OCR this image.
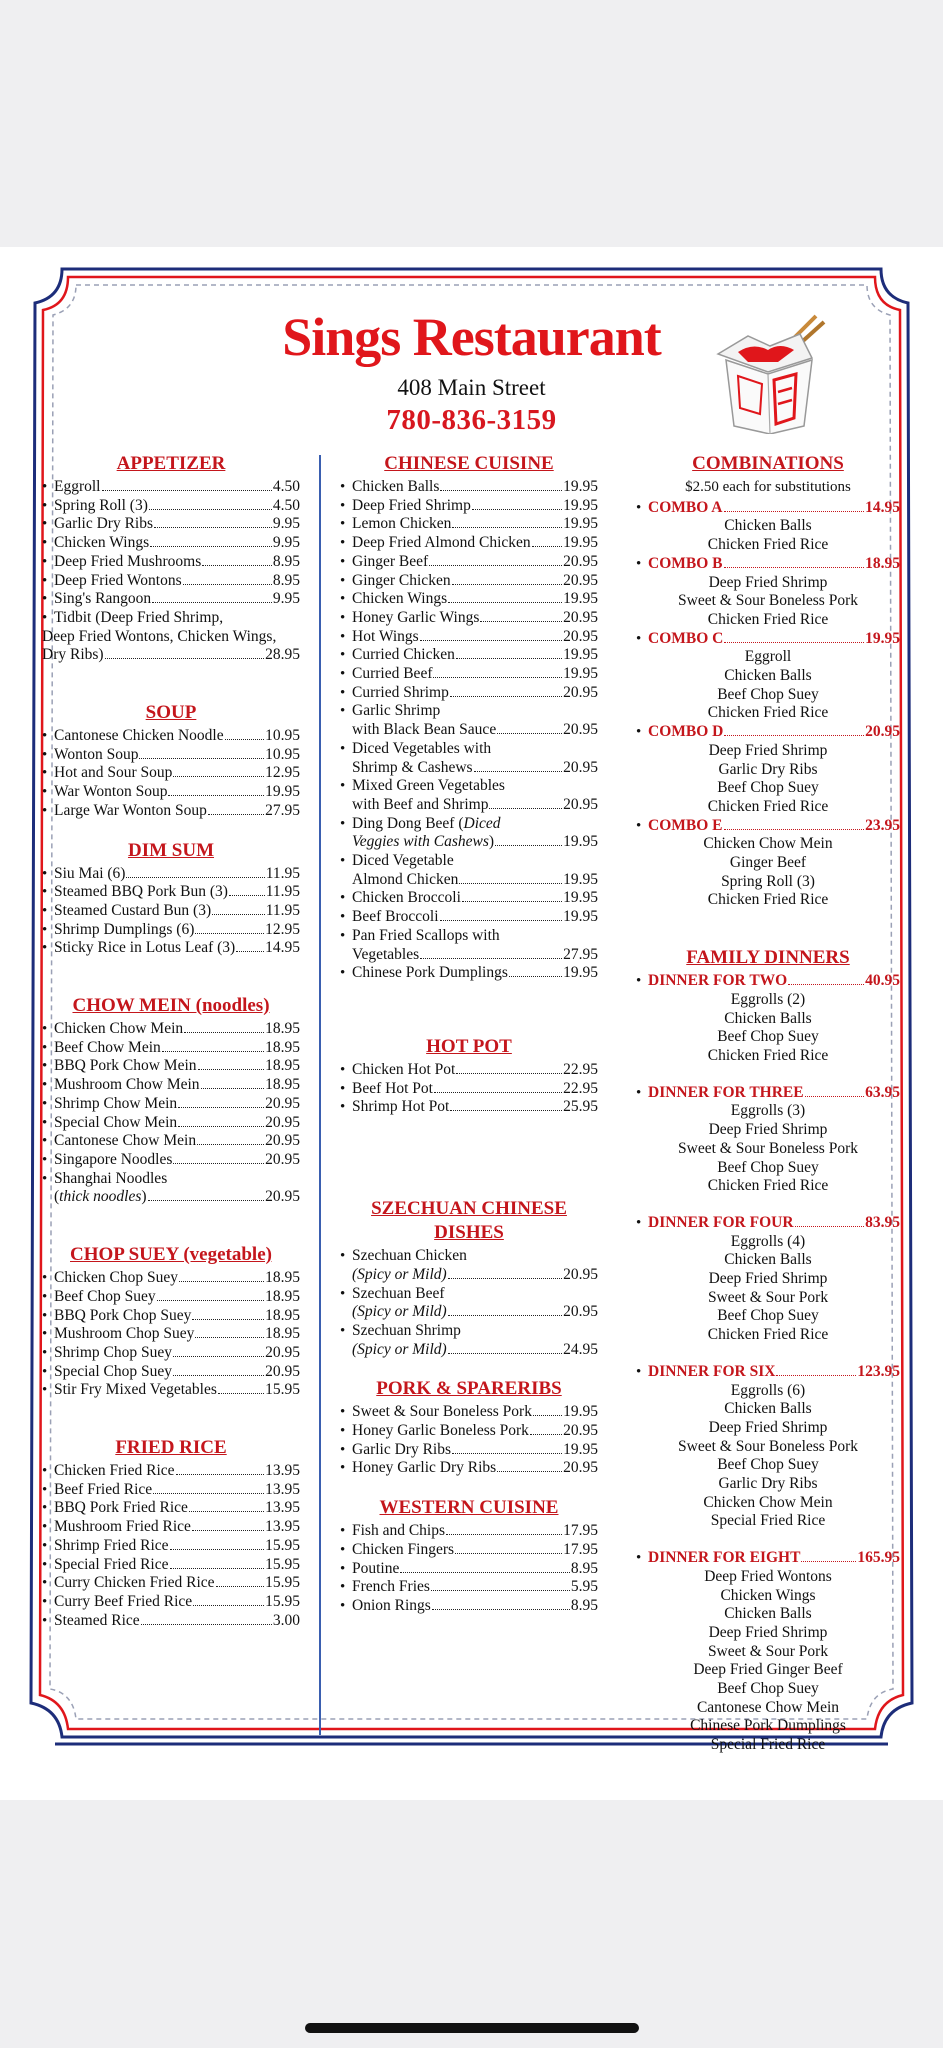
Sings Restaurant
408 Main Street
780-836-3159
APPETIZER
• Eggroll	4.50
• Spring Roll (3)	4.50
• Garlic Dry Ribs	9.95
• Chicken Wings	9.95
• Deep Fried Mushrooms	8.95
• Deep Fried Wontons	8.95
• Sing's Rangoon	9.95
• Tidbit (Deep Fried Shrimp,
Deep Fried Wontons, Chicken Wings,
Dry Ribs)	28.95
SOUP
• Cantonese Chicken Noodle	10.95
• Wonton Soup	10.95
• Hot and Sour Soup	12.95
• War Wonton Soup	19.95
• Large War Wonton Soup	27.95
DIM SUM
• Siu Mai (6)	11.95
• Steamed BBQ Pork Bun (3) 11.95
• Steamed Custard Bun (3)	11.95
• Shrimp Dumplings (6)	12.95
• Sticky Rice in Lotus Leaf (3) 14.95
CHOW MEIN (noodles)
• Chicken Chow Mein	18.95
• Beef Chow Mein	18.95
• BBQ Pork Chow Mein	18.95
• Mushroom Chow Mein	18.95
• Shrimp Chow Mein	20.95
• Special Chow Mein	20.95
• Cantonese Chow Mein	20.95
• Singapore Noodles	20.95
• Shanghai Noodles
(thick noodles)	20.95
CHOP SUEY (vegetable)
• Chicken Chop Suey	18.95
• Beef Chop Suey	18.95
• BBQ Pork Chop Suey	18.95
• Mushroom Chop Suey	18.95
• Shrimp Chop Suey	20.95
• Special Chop Suey	20.95
• Stir Fry Mixed Vegetables	15.95
FRIED RICE
• Chicken Fried Rice	13.95
• Beef Fried Rice	13.95
• BBQ Pork Fried Rice	13.95
• Mushroom Fried Rice	13.95
• Shrimp Fried Rice	15.95
• Special Fried Rice	15.95
• Curry Chicken Fried Rice	15.95
• Curry Beef Fried Rice	15.95
• Steamed Rice	3.00
CHINESE CUISINE
• Chicken Balls	19.95
• Deep Fried Shrimp	19.95
• Lemon Chicken	19.95
• Deep Fried Almond Chicken 19.95
• Ginger Beef	20.95
• Ginger Chicken	20.95
• Chicken Wings	19.95
• Honey Garlic Wings	20.95
• Hot Wings	20.95
• Curried Chicken	19.95
• Curried Beef	19.95
• Curried Shrimp	20.95
• Garlic Shrimp
with Black Bean Sauce	20.95
• Diced Vegetables with
Shrimp & Cashews	20.95
• Mixed Green Vegetables
with Beef and Shrimp	20.95
• Ding Dong Beef (Diced
Veggies with Cashews)	19.95
• Diced Vegetable
Almond Chicken	19.95
• Chicken Broccoli	19.95
• Beef Broccoli	19.95
• Pan Fried Scallops with
Vegetables	27.95
• Chinese Pork Dumplings	19.95
HOT POT
• Chicken Hot Pot	22.95
• Beef Hot Pot	22.95
• Shrimp Hot Pot	25.95
SZECHUAN CHINESE
DISHES
• Szechuan Chicken
(Spicy or Mild)	20.95
• Szechuan Beef
(Spicy or Mild)	20.95
• Szechuan Shrimp
(Spicy or Mild)	24.95
PORK & SPARERIBS
• Sweet & Sour Boneless Pork 19.95
• Honey Garlic Boneless Pork 20.95
• Garlic Dry Ribs	19.95
• Honey Garlic Dry Ribs	20.95
WESTERN CUISINE
• Fish and Chips	17.95
• Chicken Fingers	17.95
• Poutine	8.95
• French Fries	5.95
• Onion Rings	8.95
COMBINATIONS
$2.50 each for substitutions
• COMBO A	14.95
Chicken Balls
Chicken Fried Rice
• COMBO B	18.95
Deep Fried Shrimp
Sweet & Sour Boneless Pork
Chicken Fried Rice
• COMBO C	19.95
Eggroll
Chicken Balls
Beef Chop Suey
Chicken Fried Rice
• COMBO D	20.95
Deep Fried Shrimp
Garlic Dry Ribs
Beef Chop Suey
Chicken Fried Rice
• COMBO E	23.95
Chicken Chow Mein
Ginger Beef
Spring Roll (3)
Chicken Fried Rice
FAMILY DINNERS
• DINNER FOR TWO	40.95
Eggrolls (2)
Chicken Balls
Beef Chop Suey
Chicken Fried Rice
• DINNER FOR THREE	63.95
Eggrolls (3)
Deep Fried Shrimp
Sweet & Sour Boneless Pork
Beef Chop Suey
Chicken Fried Rice
• DINNER FOR FOUR	83.95
Eggrolls (4)
Chicken Balls
Deep Fried Shrimp
Sweet & Sour Pork
Beef Chop Suey
Chicken Fried Rice
• DINNER FOR SIX	123.95
Eggrolls (6)
Chicken Balls
Deep Fried Shrimp
Sweet & Sour Boneless Pork
Beef Chop Suey
Garlic Dry Ribs
Chicken Chow Mein
Special Fried Rice
• DINNER FOR EIGHT	165.95
Deep Fried Wontons
Chicken Wings
Chicken Balls
Deep Fried Shrimp
Sweet & Sour Pork
Deep Fried Ginger Beef
Beef Chop Suey
Cantonese Chow Mein
Chinese Pork Dumplings
Special Fried Rice
